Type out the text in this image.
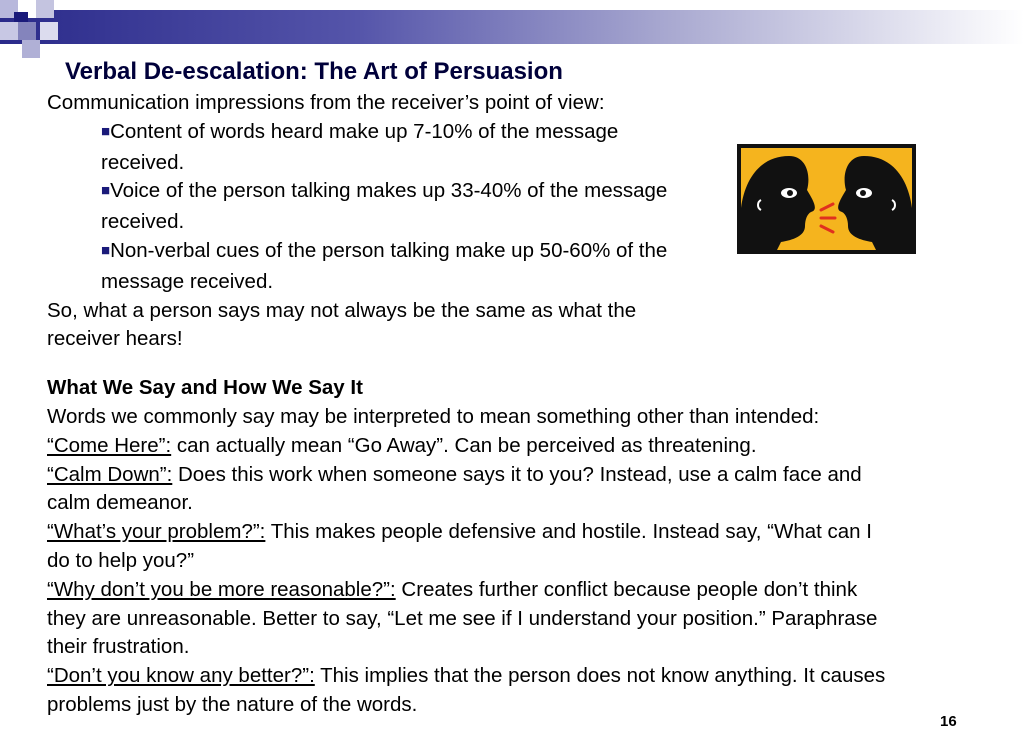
Verbal De-escalation: The Art of Persuasion

Communication impressions from the receiver’s point of view:

■Content of words heard make up 7-10% of the message received.

■Voice of the person talking makes up 33-40% of the message received.

■Non-verbal cues of the person talking make up 50-60% of the message received.

So, what a person says may not always be the same as what the receiver hears!

What We Say and How We Say It

Words we commonly say may be interpreted to mean something other than intended:

“Come Here”: can actually mean “Go Away”. Can be perceived as threatening.

“Calm Down”: Does this work when someone says it to you? Instead, use a calm face and calm demeanor.

“What’s your problem?”: This makes people defensive and hostile. Instead say, “What can I do to help you?”

“Why don’t you be more reasonable?”: Creates further conflict because people don’t think they are unreasonable. Better to say, “Let me see if I understand your position.” Paraphrase their frustration.

“Don’t you know any better?”: This implies that the person does not know anything. It causes problems just by the nature of the words.

16
